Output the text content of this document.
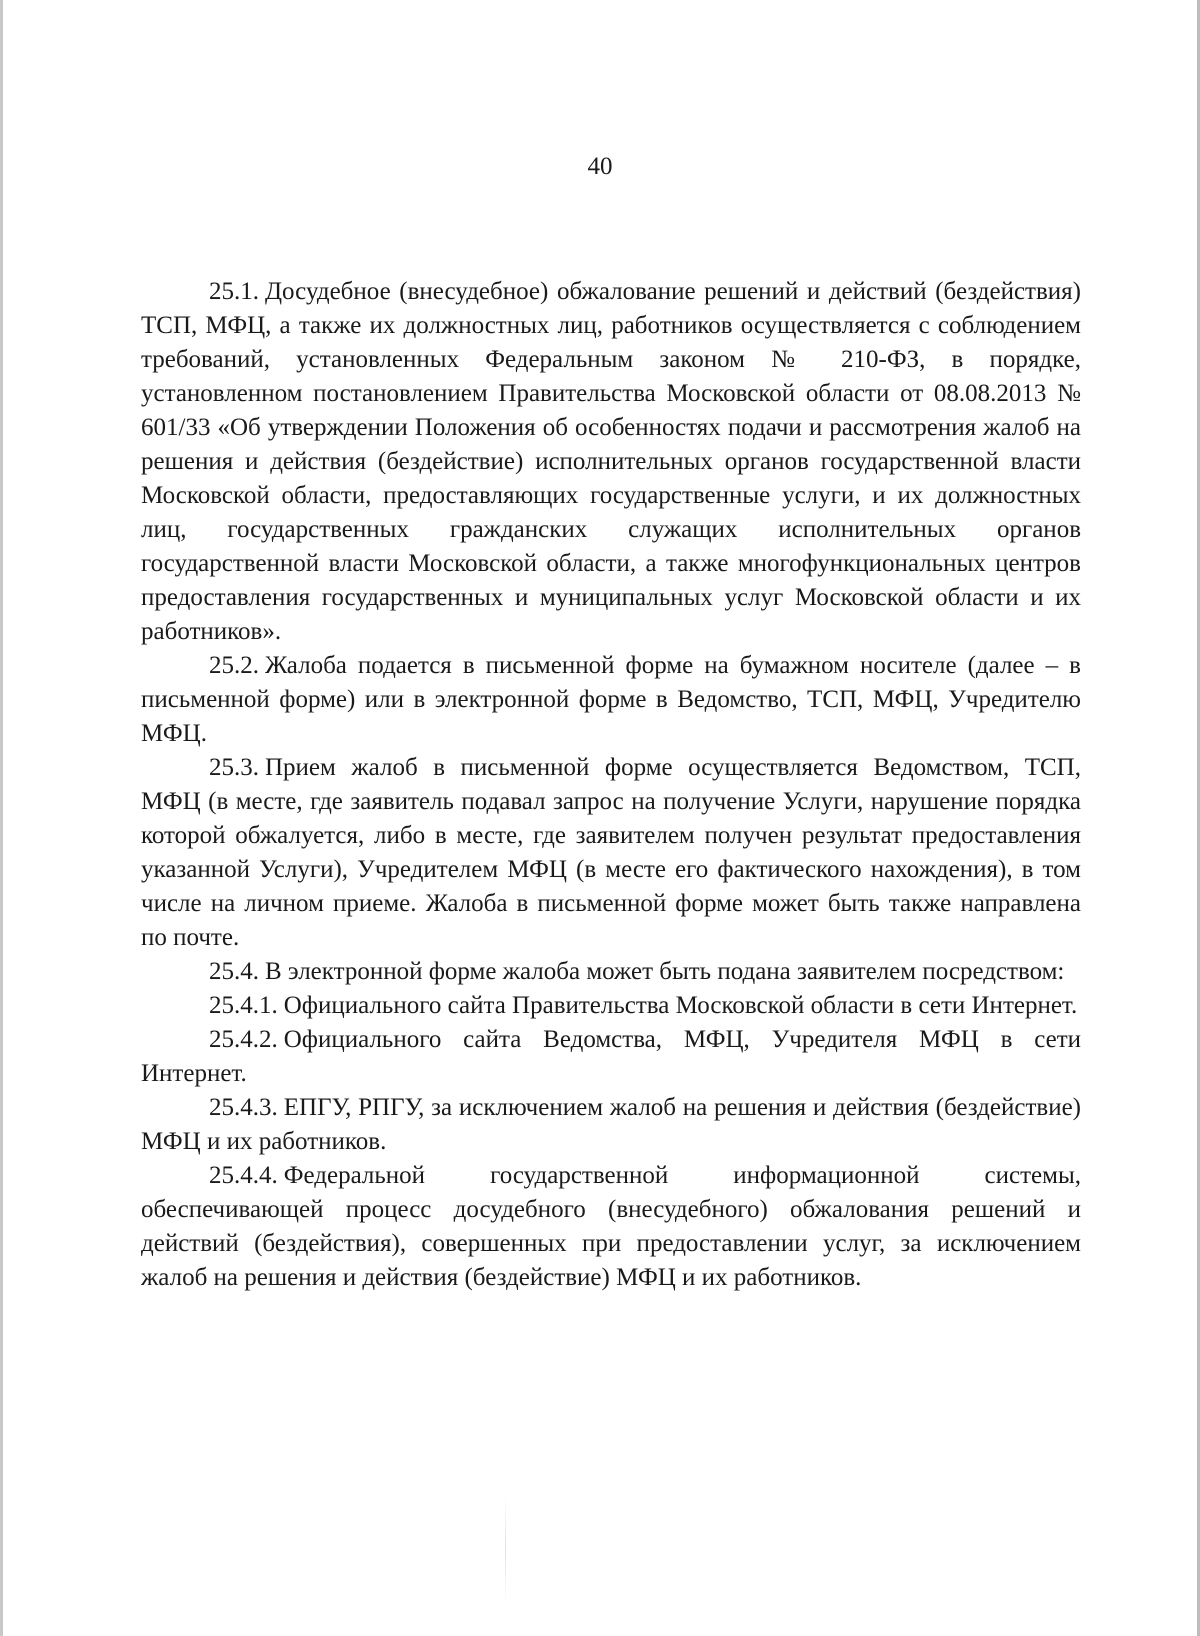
40

25.1. Досудебное (внесудебное) обжалование решений и действий (бездействия) ТСП, МФЦ, а также их должностных лиц, работников осуществляется с соблюдением требований, установленных Федеральным законом № 210-ФЗ, в порядке, установленном постановлением Правительства Московской области от 08.08.2013 № 601/33 «Об утверждении Положения об особенностях подачи и рассмотрения жалоб на решения и действия (бездействие) исполнительных органов государственной власти Московской области, предоставляющих государственные услуги, и их должностных лиц, государственных гражданских служащих исполнительных органов государственной власти Московской области, а также многофункциональных центров предоставления государственных и муниципальных услуг Московской области и их работников».

25.2. Жалоба подается в письменной форме на бумажном носителе (далее – в письменной форме) или в электронной форме в Ведомство, ТСП, МФЦ, Учредителю МФЦ.

25.3. Прием жалоб в письменной форме осуществляется Ведомством, ТСП, МФЦ (в месте, где заявитель подавал запрос на получение Услуги, нарушение порядка которой обжалуется, либо в месте, где заявителем получен результат предоставления указанной Услуги), Учредителем МФЦ (в месте его фактического нахождения), в том числе на личном приеме. Жалоба в письменной форме может быть также направлена по почте.

25.4. В электронной форме жалоба может быть подана заявителем посредством:

25.4.1. Официального сайта Правительства Московской области в сети Интернет.

25.4.2. Официального сайта Ведомства, МФЦ, Учредителя МФЦ в сети Интернет.

25.4.3. ЕПГУ, РПГУ, за исключением жалоб на решения и действия (бездействие) МФЦ и их работников.

25.4.4. Федеральной государственной информационной системы, обеспечивающей процесс досудебного (внесудебного) обжалования решений и действий (бездействия), совершенных при предоставлении услуг, за исключением жалоб на решения и действия (бездействие) МФЦ и их работников.
